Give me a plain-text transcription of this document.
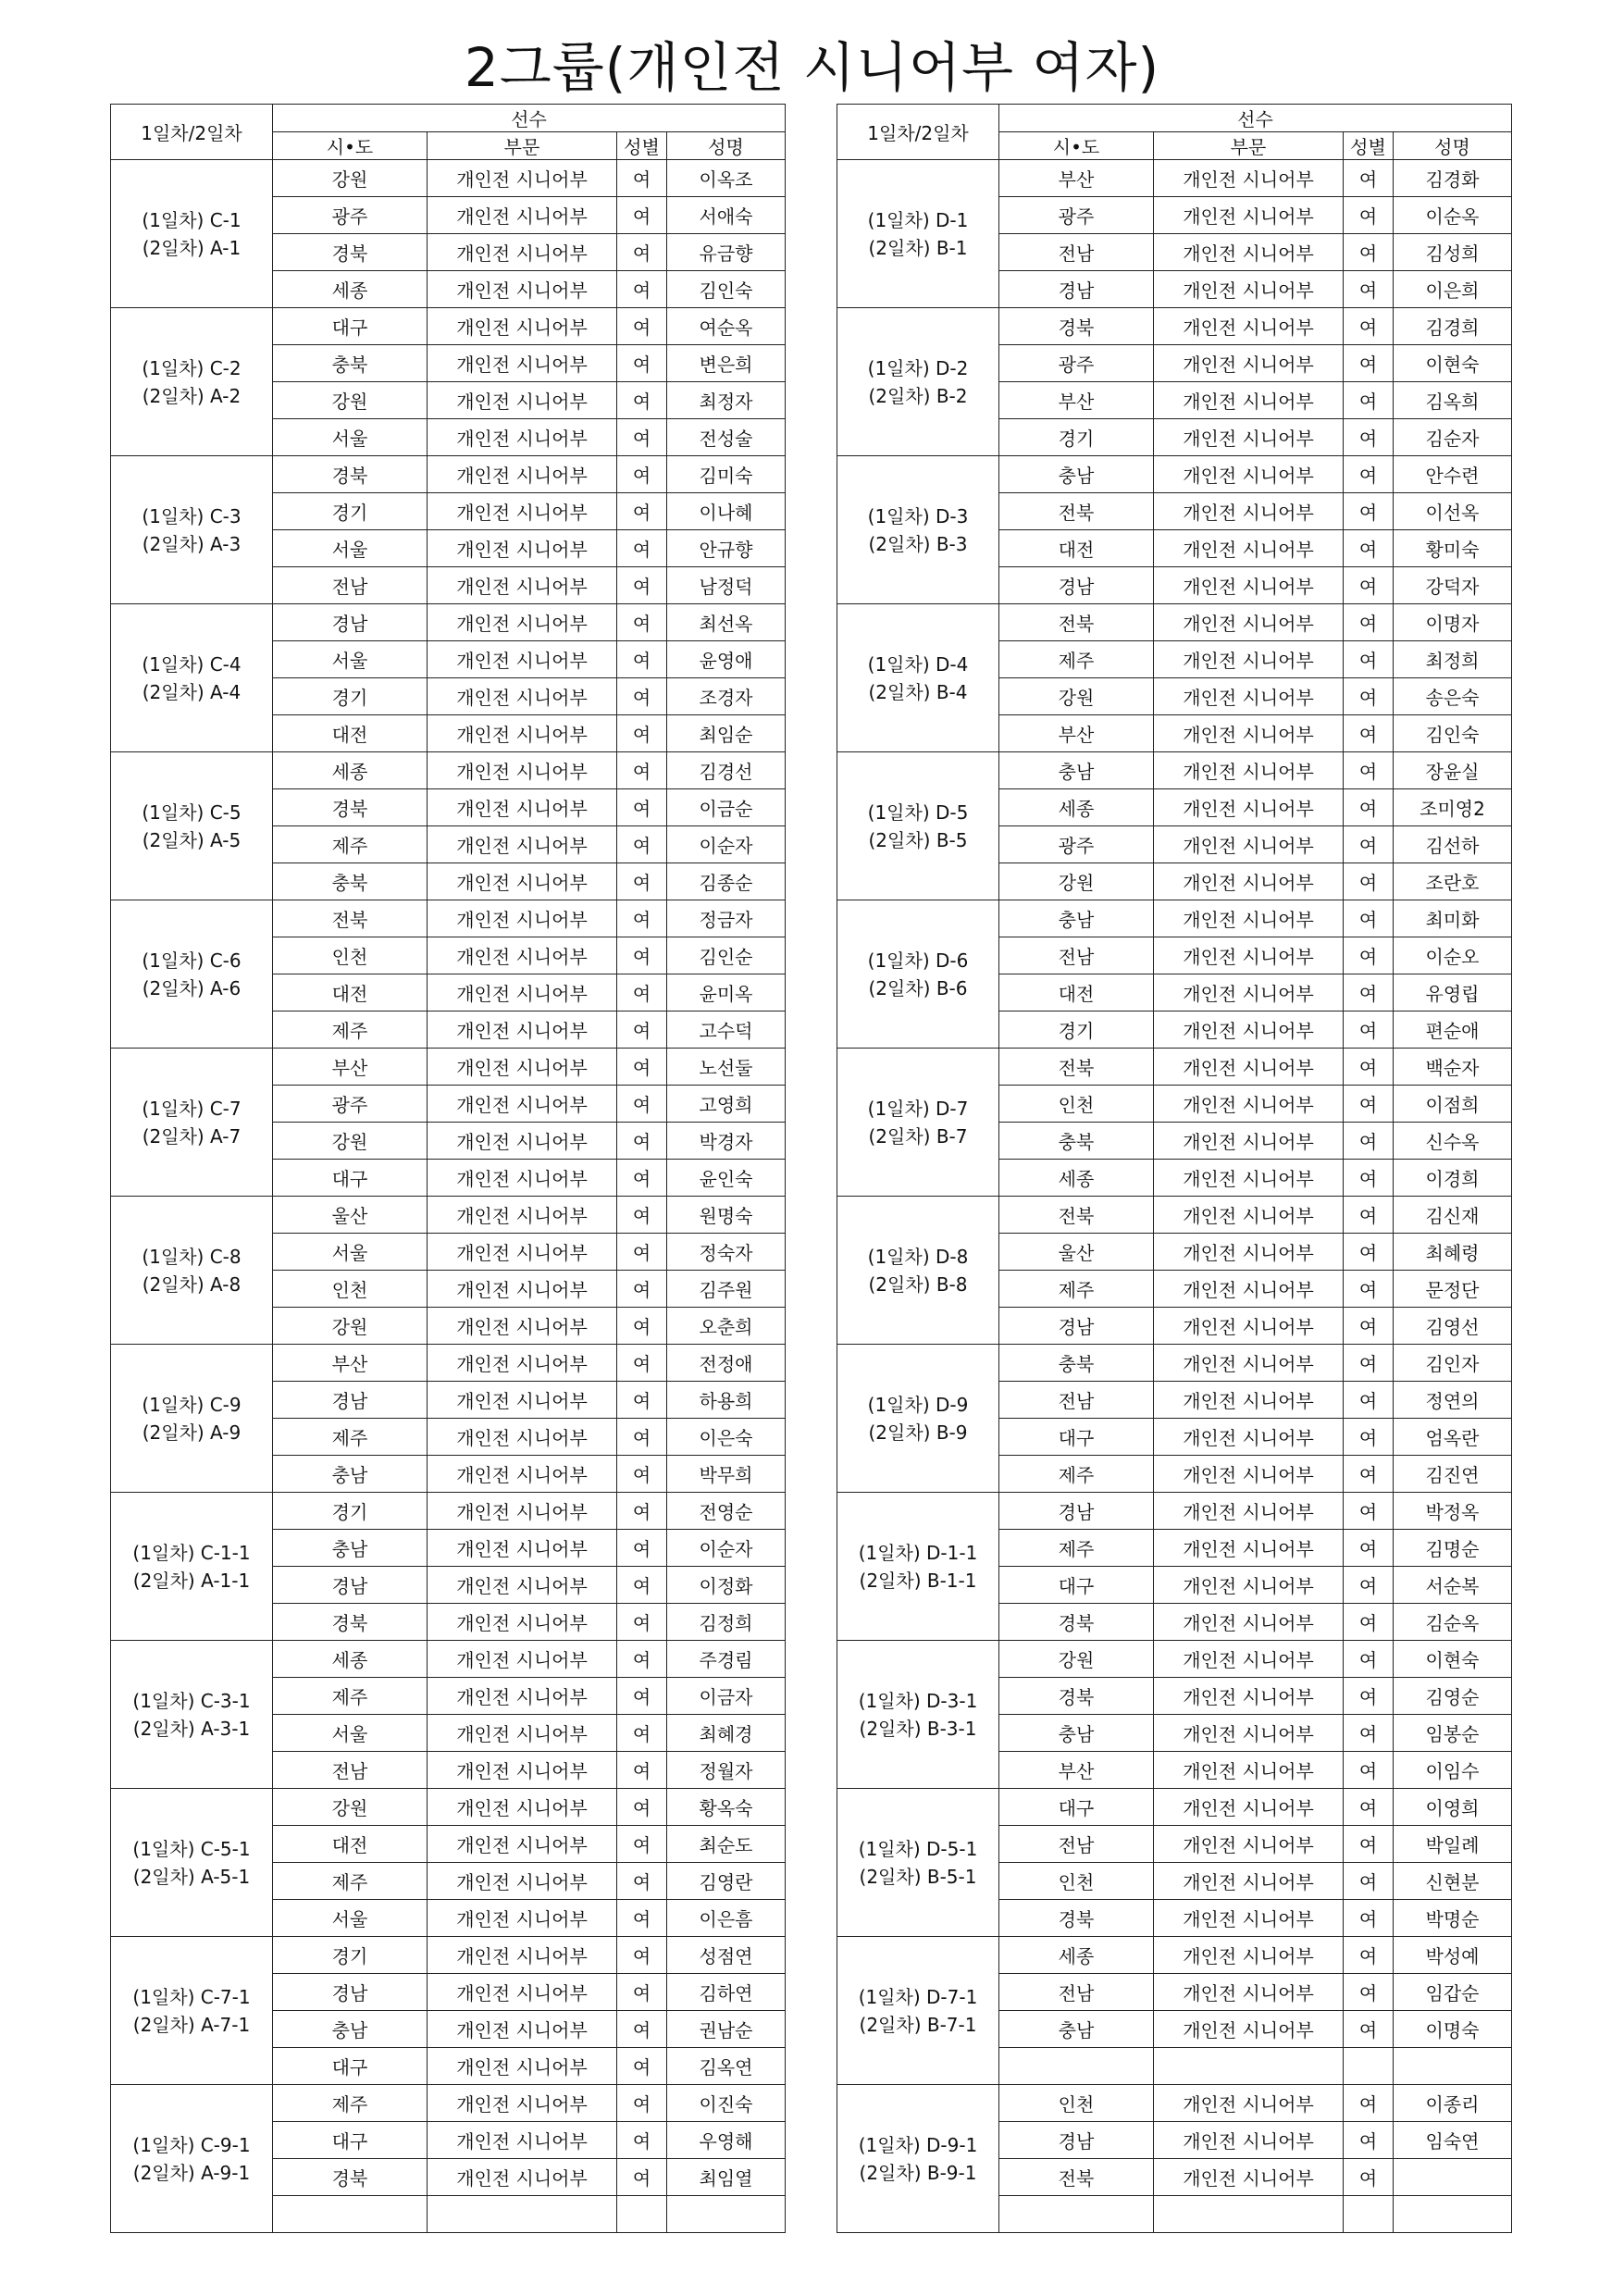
2그룹(개인전 시니어부 여자)
1일차/2일차	선수			
	시•도	부문	성별	성명

(1일차) C-1
(2일차) A-1	강원	개인전 시니어부	여	이옥조
	광주	개인전 시니어부	여	서애숙
	경북	개인전 시니어부	여	유금향
	세종	개인전 시니어부	여	김인숙

(1일차) C-2
(2일차) A-2	대구	개인전 시니어부	여	여순옥
	충북	개인전 시니어부	여	변은희
	강원	개인전 시니어부	여	최정자
	서울	개인전 시니어부	여	전성술

(1일차) C-3
(2일차) A-3	경북	개인전 시니어부	여	김미숙
	경기	개인전 시니어부	여	이나혜
	서울	개인전 시니어부	여	안규향
	전남	개인전 시니어부	여	남정덕

(1일차) C-4
(2일차) A-4	경남	개인전 시니어부	여	최선옥
	서울	개인전 시니어부	여	윤영애
	경기	개인전 시니어부	여	조경자
	대전	개인전 시니어부	여	최임순

(1일차) C-5
(2일차) A-5	세종	개인전 시니어부	여	김경선
	경북	개인전 시니어부	여	이금순
	제주	개인전 시니어부	여	이순자
	충북	개인전 시니어부	여	김종순

(1일차) C-6
(2일차) A-6	전북	개인전 시니어부	여	정금자
	인천	개인전 시니어부	여	김인순
	대전	개인전 시니어부	여	윤미옥
	제주	개인전 시니어부	여	고수덕

(1일차) C-7
(2일차) A-7	부산	개인전 시니어부	여	노선둘
	광주	개인전 시니어부	여	고영희
	강원	개인전 시니어부	여	박경자
	대구	개인전 시니어부	여	윤인숙

(1일차) C-8
(2일차) A-8	울산	개인전 시니어부	여	원명숙
	서울	개인전 시니어부	여	정숙자
	인천	개인전 시니어부	여	김주원
	강원	개인전 시니어부	여	오춘희

(1일차) C-9
(2일차) A-9	부산	개인전 시니어부	여	전정애
	경남	개인전 시니어부	여	하용희
	제주	개인전 시니어부	여	이은숙
	충남	개인전 시니어부	여	박무희

(1일차) C-1-1
(2일차) A-1-1	경기	개인전 시니어부	여	전영순
	충남	개인전 시니어부	여	이순자
	경남	개인전 시니어부	여	이정화
	경북	개인전 시니어부	여	김정희

(1일차) C-3-1
(2일차) A-3-1	세종	개인전 시니어부	여	주경림
	제주	개인전 시니어부	여	이금자
	서울	개인전 시니어부	여	최혜경
	전남	개인전 시니어부	여	정월자

(1일차) C-5-1
(2일차) A-5-1	강원	개인전 시니어부	여	황옥숙
	대전	개인전 시니어부	여	최순도
	제주	개인전 시니어부	여	김영란
	서울	개인전 시니어부	여	이은흠

(1일차) C-7-1
(2일차) A-7-1	경기	개인전 시니어부	여	성점연
	경남	개인전 시니어부	여	김하연
	충남	개인전 시니어부	여	권남순
	대구	개인전 시니어부	여	김옥연

(1일차) C-9-1
(2일차) A-9-1	제주	개인전 시니어부	여	이진숙
	대구	개인전 시니어부	여	우영해
	경북	개인전 시니어부	여	최임열

1일차/2일차	선수			
	시•도	부문	성별	성명

(1일차) D-1
(2일차) B-1	부산	개인전 시니어부	여	김경화
	광주	개인전 시니어부	여	이순옥
	전남	개인전 시니어부	여	김성희
	경남	개인전 시니어부	여	이은희

(1일차) D-2
(2일차) B-2	경북	개인전 시니어부	여	김경희
	광주	개인전 시니어부	여	이현숙
	부산	개인전 시니어부	여	김옥희
	경기	개인전 시니어부	여	김순자

(1일차) D-3
(2일차) B-3	충남	개인전 시니어부	여	안수련
	전북	개인전 시니어부	여	이선옥
	대전	개인전 시니어부	여	황미숙
	경남	개인전 시니어부	여	강덕자

(1일차) D-4
(2일차) B-4	전북	개인전 시니어부	여	이명자
	제주	개인전 시니어부	여	최정희
	강원	개인전 시니어부	여	송은숙
	부산	개인전 시니어부	여	김인숙

(1일차) D-5
(2일차) B-5	충남	개인전 시니어부	여	장윤실
	세종	개인전 시니어부	여	조미영2
	광주	개인전 시니어부	여	김선하
	강원	개인전 시니어부	여	조란호

(1일차) D-6
(2일차) B-6	충남	개인전 시니어부	여	최미화
	전남	개인전 시니어부	여	이순오
	대전	개인전 시니어부	여	유영립
	경기	개인전 시니어부	여	편순애

(1일차) D-7
(2일차) B-7	전북	개인전 시니어부	여	백순자
	인천	개인전 시니어부	여	이점희
	충북	개인전 시니어부	여	신수옥
	세종	개인전 시니어부	여	이경희

(1일차) D-8
(2일차) B-8	전북	개인전 시니어부	여	김신재
	울산	개인전 시니어부	여	최혜령
	제주	개인전 시니어부	여	문정단
	경남	개인전 시니어부	여	김영선

(1일차) D-9
(2일차) B-9	충북	개인전 시니어부	여	김인자
	전남	개인전 시니어부	여	정연의
	대구	개인전 시니어부	여	엄옥란
	제주	개인전 시니어부	여	김진연

(1일차) D-1-1
(2일차) B-1-1	경남	개인전 시니어부	여	박정옥
	제주	개인전 시니어부	여	김명순
	대구	개인전 시니어부	여	서순복
	경북	개인전 시니어부	여	김순옥

(1일차) D-3-1
(2일차) B-3-1	강원	개인전 시니어부	여	이현숙
	경북	개인전 시니어부	여	김영순
	충남	개인전 시니어부	여	임봉순
	부산	개인전 시니어부	여	이임수

(1일차) D-5-1
(2일차) B-5-1	대구	개인전 시니어부	여	이영희
	전남	개인전 시니어부	여	박일례
	인천	개인전 시니어부	여	신현분
	경북	개인전 시니어부	여	박명순

(1일차) D-7-1
(2일차) B-7-1	세종	개인전 시니어부	여	박성예
	전남	개인전 시니어부	여	임갑순
	충남	개인전 시니어부	여	이명숙

(1일차) D-9-1
(2일차) B-9-1	인천	개인전 시니어부	여	이종리
	경남	개인전 시니어부	여	임숙연
	전북	개인전 시니어부	여	
